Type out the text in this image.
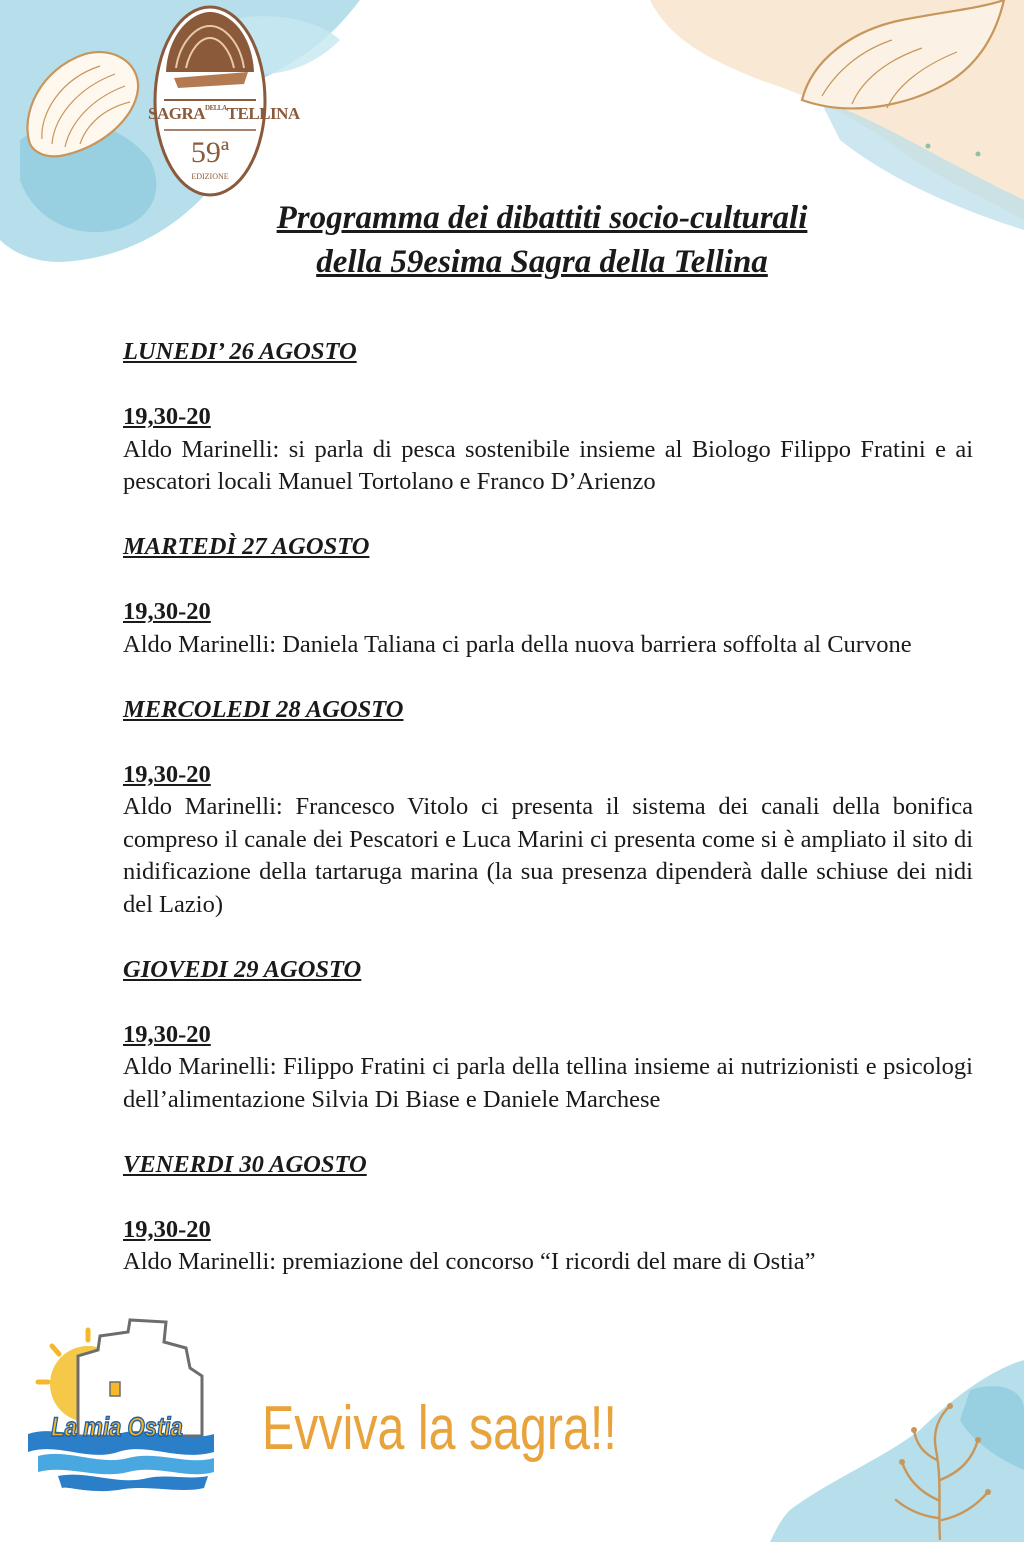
$SAGRA^{DELLA}TELLINA$
59ª
EDIZIONE
Programma dei dibattiti socio-culturali
della 59esima Sagra della Tellina
LUNEDI’ 26 AGOSTO
19,30-20
Aldo Marinelli: si parla di pesca sostenibile insieme al Biologo Filippo Fratini e ai pescatori locali Manuel Tortolano e Franco D’Arienzo
MARTEDÌ 27 AGOSTO
19,30-20
Aldo Marinelli: Daniela Taliana ci parla della nuova barriera soffolta al Curvone
MERCOLEDI 28 AGOSTO
19,30-20
Aldo Marinelli: Francesco Vitolo ci presenta il sistema dei canali della bonifica compreso il canale dei Pescatori e Luca Marini ci presenta come si è ampliato il sito di nidificazione della tartaruga marina (la sua presenza dipenderà dalle schiuse dei nidi del Lazio)
GIOVEDI 29 AGOSTO
19,30-20
Aldo Marinelli: Filippo Fratini ci parla della tellina insieme ai nutrizionisti e psicologi dell’alimentazione Silvia Di Biase e Daniele Marchese
VENERDI 30 AGOSTO
19,30-20
Aldo Marinelli: premiazione del concorso “I ricordi del mare di Ostia”
La mia Ostia Evviva la sagra!!
